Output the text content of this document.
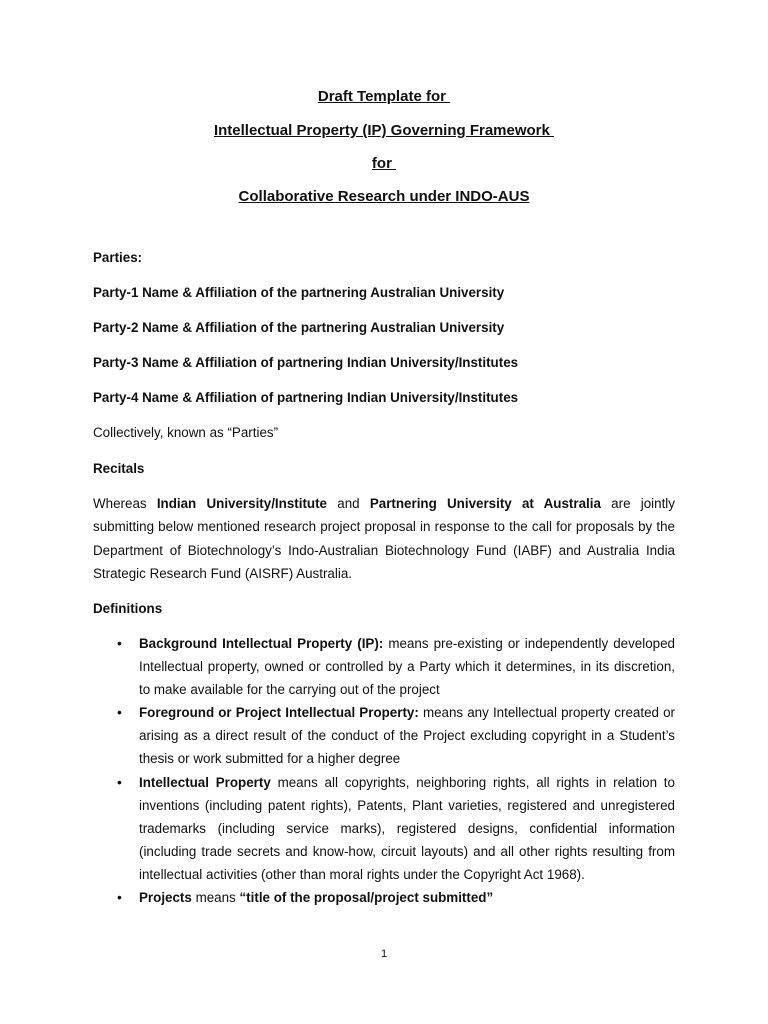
Draft Template for
Intellectual Property (IP) Governing Framework
for
Collaborative Research under INDO-AUS
Parties:
Party-1 Name & Affiliation of the partnering Australian University
Party-2 Name & Affiliation of the partnering Australian University
Party-3 Name & Affiliation of partnering Indian University/Institutes
Party-4 Name & Affiliation of partnering Indian University/Institutes
Collectively, known as “Parties”
Recitals
Whereas Indian University/Institute and Partnering University at Australia are jointly submitting below mentioned research project proposal in response to the call for proposals by the Department of Biotechnology’s Indo-Australian Biotechnology Fund (IABF) and Australia India Strategic Research Fund (AISRF) Australia.
Definitions
• Background Intellectual Property (IP): means pre-existing or independently developed Intellectual property, owned or controlled by a Party which it determines, in its discretion, to make available for the carrying out of the project
• Foreground or Project Intellectual Property: means any Intellectual property created or arising as a direct result of the conduct of the Project excluding copyright in a Student’s thesis or work submitted for a higher degree
• Intellectual Property means all copyrights, neighboring rights, all rights in relation to inventions (including patent rights), Patents, Plant varieties, registered and unregistered trademarks (including service marks), registered designs, confidential information (including trade secrets and know-how, circuit layouts) and all other rights resulting from intellectual activities (other than moral rights under the Copyright Act 1968).
• Projects means “title of the proposal/project submitted”
1
